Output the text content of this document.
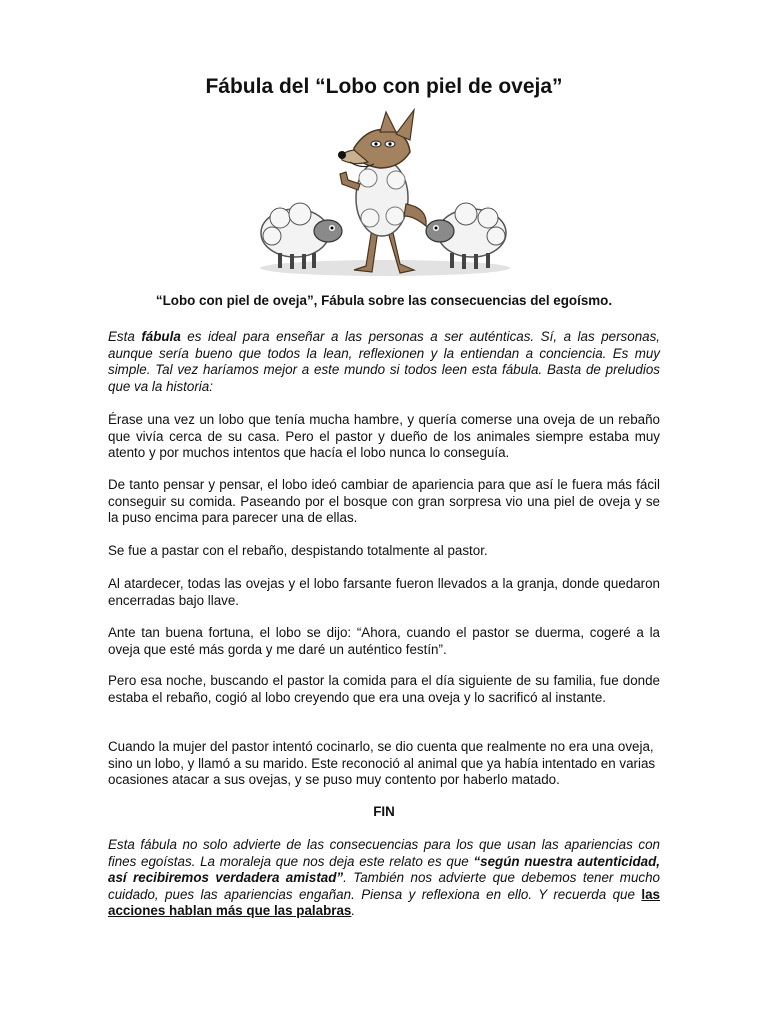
Fábula del “Lobo con piel de oveja”
“Lobo con piel de oveja”, Fábula sobre las consecuencias del egoísmo.
Esta fábula es ideal para enseñar a las personas a ser auténticas. Sí, a las personas, aunque sería bueno que todos la lean, reflexionen y la entiendan a conciencia. Es muy simple. Tal vez haríamos mejor a este mundo si todos leen esta fábula. Basta de preludios que va la historia:
Érase una vez un lobo que tenía mucha hambre, y quería comerse una oveja de un rebaño que vivía cerca de su casa. Pero el pastor y dueño de los animales siempre estaba muy atento y por muchos intentos que hacía el lobo nunca lo conseguía.
De tanto pensar y pensar, el lobo ideó cambiar de apariencia para que así le fuera más fácil conseguir su comida. Paseando por el bosque con gran sorpresa vio una piel de oveja y se la puso encima para parecer una de ellas.
Se fue a pastar con el rebaño, despistando totalmente al pastor.
Al atardecer, todas las ovejas y el lobo farsante fueron llevados a la granja, donde quedaron encerradas bajo llave.
Ante tan buena fortuna, el lobo se dijo: “Ahora, cuando el pastor se duerma, cogeré a la oveja que esté más gorda y me daré un auténtico festín”.
Pero esa noche, buscando el pastor la comida para el día siguiente de su familia, fue donde estaba el rebaño, cogió al lobo creyendo que era una oveja y lo sacrificó al instante.
Cuando la mujer del pastor intentó cocinarlo, se dio cuenta que realmente no era una oveja, sino un lobo, y llamó a su marido. Este reconoció al animal que ya había intentado en varias ocasiones atacar a sus ovejas, y se puso muy contento por haberlo matado.
FIN
Esta fábula no solo advierte de las consecuencias para los que usan las apariencias con fines egoístas. La moraleja que nos deja este relato es que “según nuestra autenticidad, así recibiremos verdadera amistad”. También nos advierte que debemos tener mucho cuidado, pues las apariencias engañan. Piensa y reflexiona en ello. Y recuerda que las acciones hablan más que las palabras.
